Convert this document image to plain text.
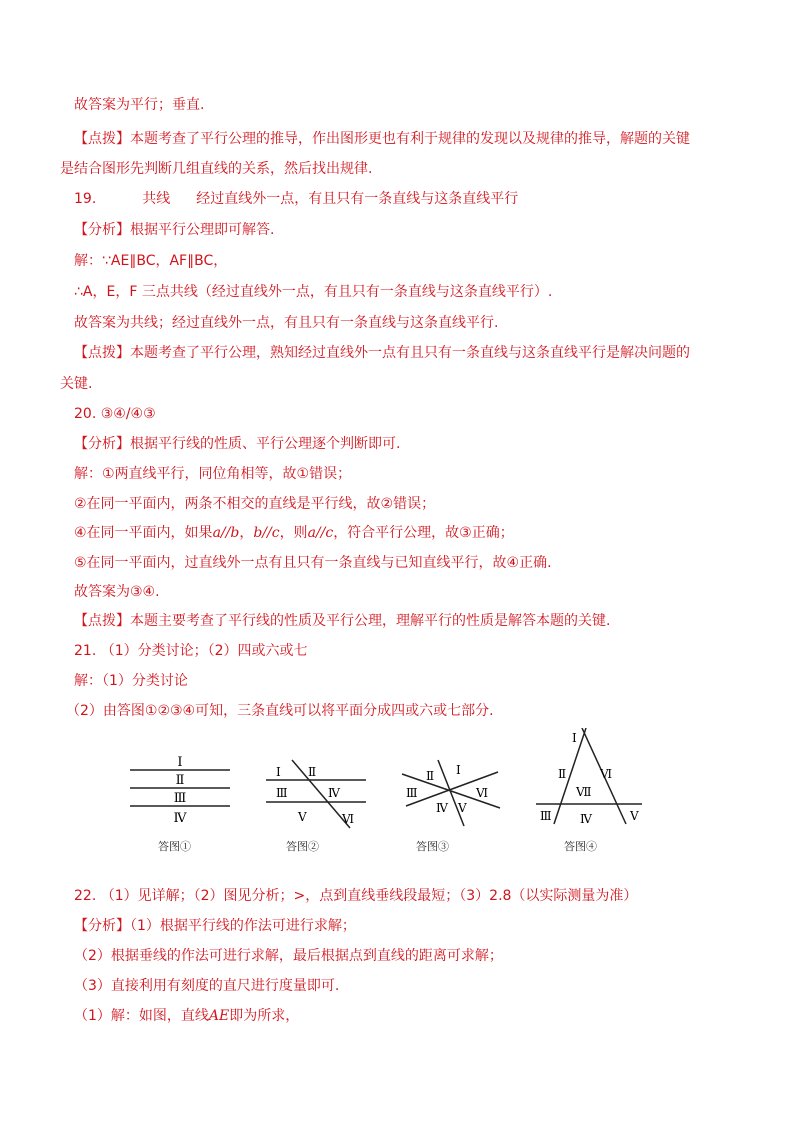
故答案为平行；垂直.
【点拨】本题考查了平行公理的推导，作出图形更也有利于规律的发现以及规律的推导，解题的关键
是结合图形先判断几组直线的关系，然后找出规律.
19.	共线 经过直线外一点，有且只有一条直线与这条直线平行
【分析】根据平行公理即可解答.
解：∵AE∥BC，AF∥BC，
∴A，E，F 三点共线（经过直线外一点，有且只有一条直线与这条直线平行）.
故答案为共线；经过直线外一点，有且只有一条直线与这条直线平行.
【点拨】本题考查了平行公理，熟知经过直线外一点有且只有一条直线与这条直线平行是解决问题的
关键.
20. ③④/④③
【分析】根据平行线的性质、平行公理逐个判断即可.
解：①两直线平行，同位角相等，故①错误；
②在同一平面内，两条不相交的直线是平行线，故②错误；
④在同一平面内，如果a//b，b//c，则a//c，符合平行公理，故③正确；
⑤在同一平面内，过直线外一点有且只有一条直线与已知直线平行，故④正确.
故答案为③④.
【点拨】本题主要考查了平行线的性质及平行公理，理解平行的性质是解答本题的关键.
21. （1）分类讨论；（2）四或六或七
解：（1）分类讨论
（2）由答图①②③④可知，三条直线可以将平面分成四或六或七部分.
Ⅰ
Ⅱ
Ⅲ
Ⅳ
答图①
Ⅰ Ⅱ
Ⅲ	Ⅳ
Ⅴ	Ⅵ
答图②
Ⅰ
Ⅱ
Ⅲ
Ⅳ Ⅴ
Ⅵ
答图③
Ⅰ
Ⅱ	Ⅵ
Ⅶ
Ⅲ Ⅳ	Ⅴ
答图④
22. （1）见详解；（2）图见分析；>，点到直线垂线段最短；（3）2.8（以实际测量为准）
【分析】（1）根据平行线的作法可进行求解；
（2）根据垂线的作法可进行求解，最后根据点到直线的距离可求解；
（3）直接利用有刻度的直尺进行度量即可.
（1）解：如图，直线AE即为所求，
